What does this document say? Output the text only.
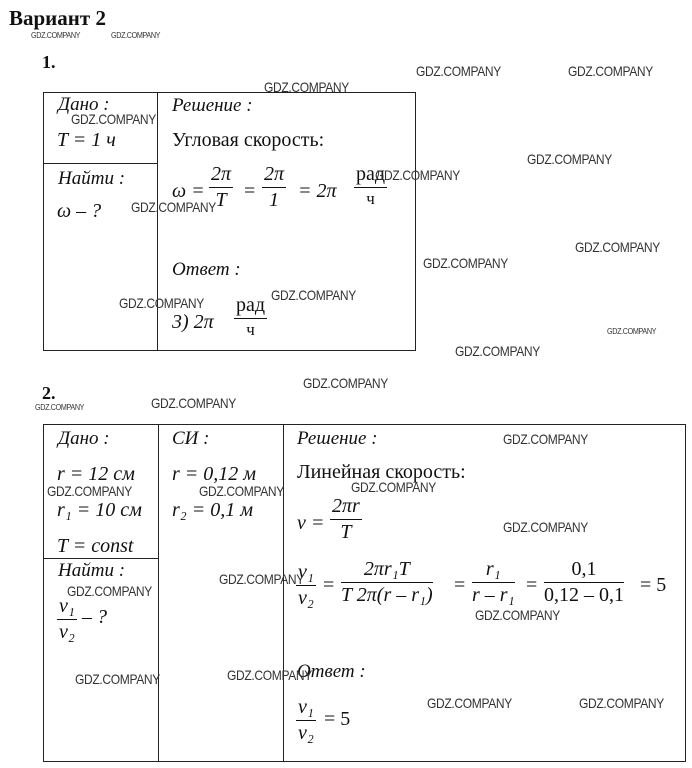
Вариант 2
1.
Дано :
T = 1 ч
Найти :
ω – ?
Решение :
Угловая скорость:
ω =
2π
T =
2π
1 = 2π
рад
ч
Ответ :
3) 2π
рад
ч
2.
Дано :
r = 12 см
r₁ = 10 см
T = const
СИ :
r = 0,12 м
r₂ = 0,1 м
Найти :
v₁
v₂
– ?
Решение :
Линейная скорость:
v =
2πr
T
v₁
v₂
=
2πr₁T
T 2π(r – r₁) =
r₁
r – r₁ =
0,1
0,12 – 0,1 = 5
Ответ :
v₁
v₂
= 5
GDZ.COMPANY	GDZ.COMPANY
GDZ.COMPANY
GDZ.COMPANY	GDZ.COMPANY
GDZ.COMPANY
GDZ.COMPANY
GDZ.COMPANY
GDZ.COMPANY
GDZ.COMPANY
GDZ.COMPANY
GDZ.COMPANY
GDZ.COMPANY
GDZ.COMPANY
GDZ.COMPANY
GDZ.COMPANY
GDZ.COMPANY
GDZ.COMPANY
GDZ.COMPANY
GDZ.COMPANY
GDZ.COMPANY
GDZ.COMPANY
GDZ.COMPANY
GDZ.COMPANY
GDZ.COMPANY
GDZ.COMPANY
GDZ.COMPANY	GDZ.COMPANY
GDZ.COMPANY	GDZ.COMPANY
